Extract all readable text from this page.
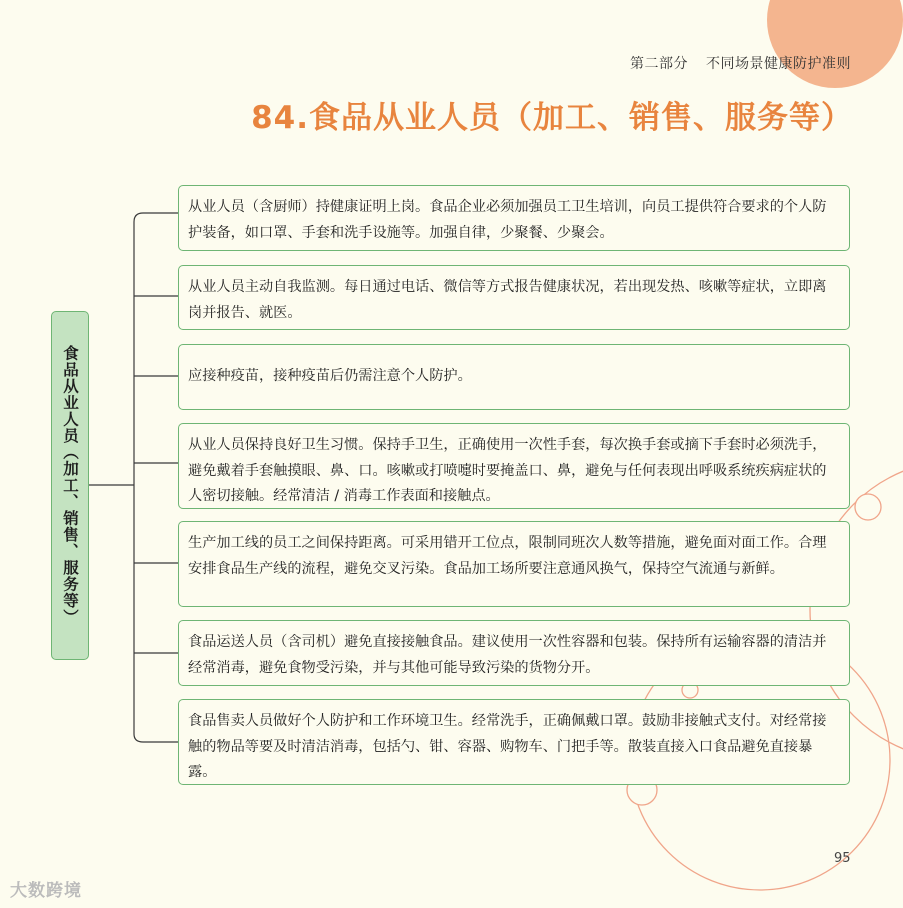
第二部分 不同场景健康防护准则
84.食品从业人员（加工、销售、服务等）
食品从业人员（加工、销售、服务等）
从业人员（含厨师）持健康证明上岗。食品企业必须加强员工卫生培训，向员工提供符合要求的个人防护装备，如口罩、手套和洗手设施等。加强自律，少聚餐、少聚会。
从业人员主动自我监测。每日通过电话、微信等方式报告健康状况，若出现发热、咳嗽等症状，立即离岗并报告、就医。
应接种疫苗，接种疫苗后仍需注意个人防护。
从业人员保持良好卫生习惯。保持手卫生，正确使用一次性手套，每次换手套或摘下手套时必须洗手，避免戴着手套触摸眼、鼻、口。咳嗽或打喷嚏时要掩盖口、鼻，避免与任何表现出呼吸系统疾病症状的人密切接触。经常清洁 / 消毒工作表面和接触点。
生产加工线的员工之间保持距离。可采用错开工位点，限制同班次人数等措施，避免面对面工作。合理安排食品生产线的流程，避免交叉污染。食品加工场所要注意通风换气，保持空气流通与新鲜。
食品运送人员（含司机）避免直接接触食品。建议使用一次性容器和包装。保持所有运输容器的清洁并经常消毒，避免食物受污染，并与其他可能导致污染的货物分开。
食品售卖人员做好个人防护和工作环境卫生。经常洗手，正确佩戴口罩。鼓励非接触式支付。对经常接触的物品等要及时清洁消毒，包括勺、钳、容器、购物车、门把手等。散装直接入口食品避免直接暴露。
95
大数跨境
